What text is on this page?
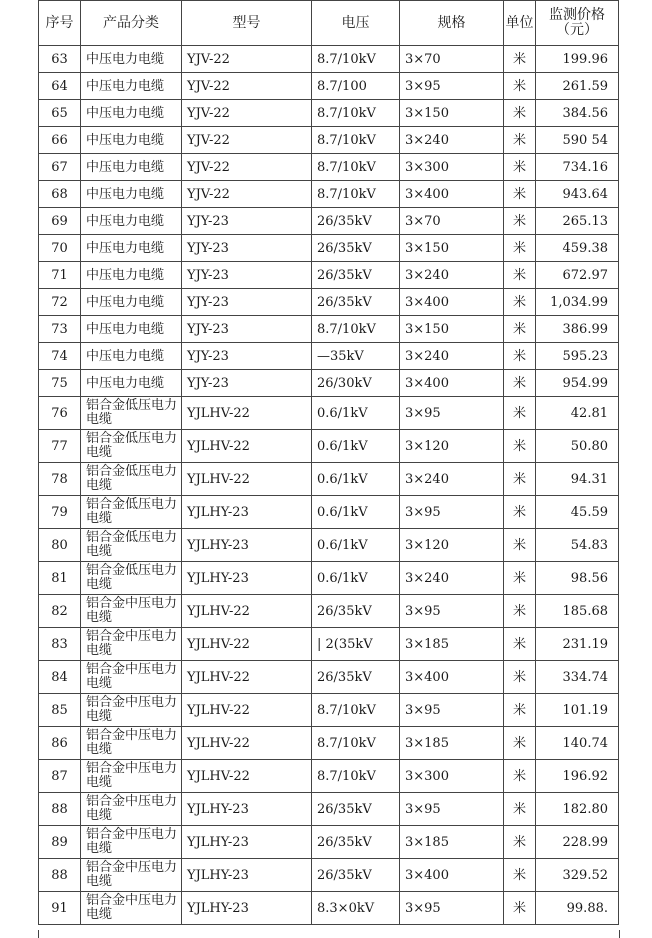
序号	产品分类	型号	电压	规格	单位	监测价格（元）
63	中压电力电缆	YJV-22	8.7/10kV	3×70	米	199.96
64	中压电力电缆	YJV-22	8.7/100	3×95	米	261.59
65	中压电力电缆	YJV-22	8.7/10kV	3×150	米	384.56
66	中压电力电缆	YJV-22	8.7/10kV	3×240	米	590 54
67	中压电力电缆	YJV-22	8.7/10kV	3×300	米	734.16
68	中压电力电缆	YJV-22	8.7/10kV	3×400	米	943.64
69	中压电力电缆	YJY-23	26/35kV	3×70	米	265.13
70	中压电力电缆	YJY-23	26/35kV	3×150	米	459.38
71	中压电力电缆	YJY-23	26/35kV	3×240	米	672.97
72	中压电力电缆	YJY-23	26/35kV	3×400	米	1,034.99
73	中压电力电缆	YJY-23	8.7/10kV	3×150	米	386.99
74	中压电力电缆	YJY-23	—35kV	3×240	米	595.23
75	中压电力电缆	YJY-23	26/30kV	3×400	米	954.99
76	铝合金低压电力电缆	YJLHV-22	0.6/1kV	3×95	米	42.81
77	铝合金低压电力电缆	YJLHV-22	0.6/1kV	3×120	米	50.80
78	铝合金低压电力电缆	YJLHV-22	0.6/1kV	3×240	米	94.31
79	铝合金低压电力电缆	YJLHY-23	0.6/1kV	3×95	米	45.59
80	铝合金低压电力电缆	YJLHY-23	0.6/1kV	3×120	米	54.83
81	铝合金低压电力电缆	YJLHY-23	0.6/1kV	3×240	米	98.56
82	铝合金中压电力电缆	YJLHV-22	26/35kV	3×95	米	185.68
83	铝合金中压电力电缆	YJLHV-22	| 2(35kV	3×185	米	231.19
84	铝合金中压电力电缆	YJLHV-22	26/35kV	3×400	米	334.74
85	铝合金中压电力电缆	YJLHV-22	8.7/10kV	3×95	米	101.19
86	铝合金中压电力电缆	YJLHV-22	8.7/10kV	3×185	米	140.74
87	铝合金中压电力电缆	YJLHV-22	8.7/10kV	3×300	米	196.92
88	铝合金中压电力电缆	YJLHY-23	26/35kV	3×95	米	182.80
89	铝合金中压电力电缆	YJLHY-23	26/35kV	3×185	米	228.99
88	铝合金中压电力电缆	YJLHY-23	26/35kV	3×400	米	329.52
91	铝合金中压电力电缆	YJLHY-23	8.3×0kV	3×95	米	99.88.
